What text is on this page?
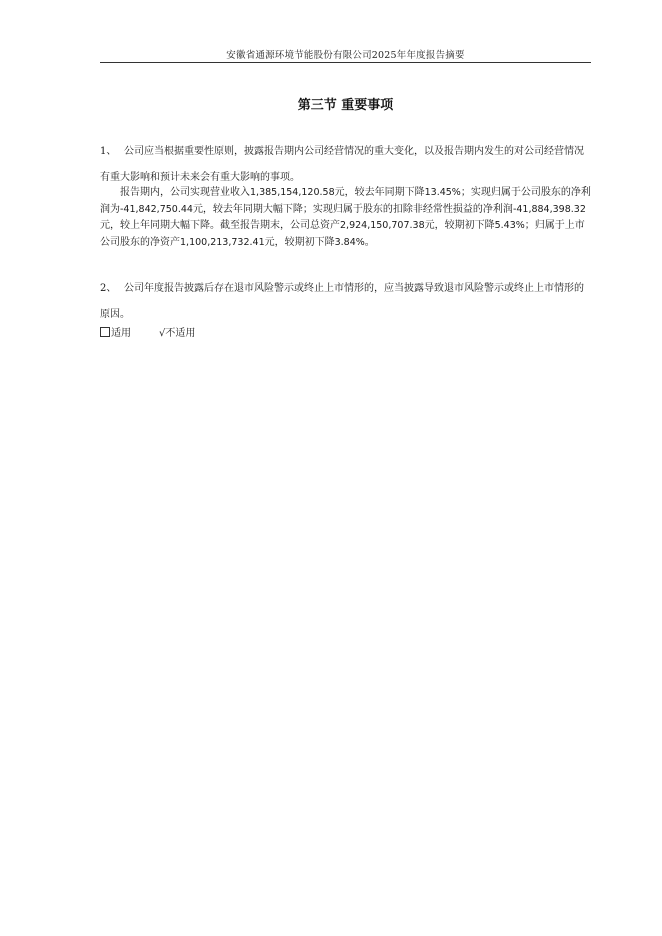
安徽省通源环境节能股份有限公司2025年年度报告摘要
第三节 重要事项
1、 公司应当根据重要性原则，披露报告期内公司经营情况的重大变化，以及报告期内发生的对公司经营情况有重大影响和预计未来会有重大影响的事项。
报告期内，公司实现营业收入1,385,154,120.58元，较去年同期下降13.45%；实现归属于公司股东的净利润为-41,842,750.44元，较去年同期大幅下降；实现归属于股东的扣除非经常性损益的净利润-41,884,398.32元，较上年同期大幅下降。截至报告期末，公司总资产2,924,150,707.38元，较期初下降5.43%；归属于上市公司股东的净资产1,100,213,732.41元，较期初下降3.84%。
2、 公司年度报告披露后存在退市风险警示或终止上市情形的，应当披露导致退市风险警示或终止上市情形的原因。
适用	√不适用
